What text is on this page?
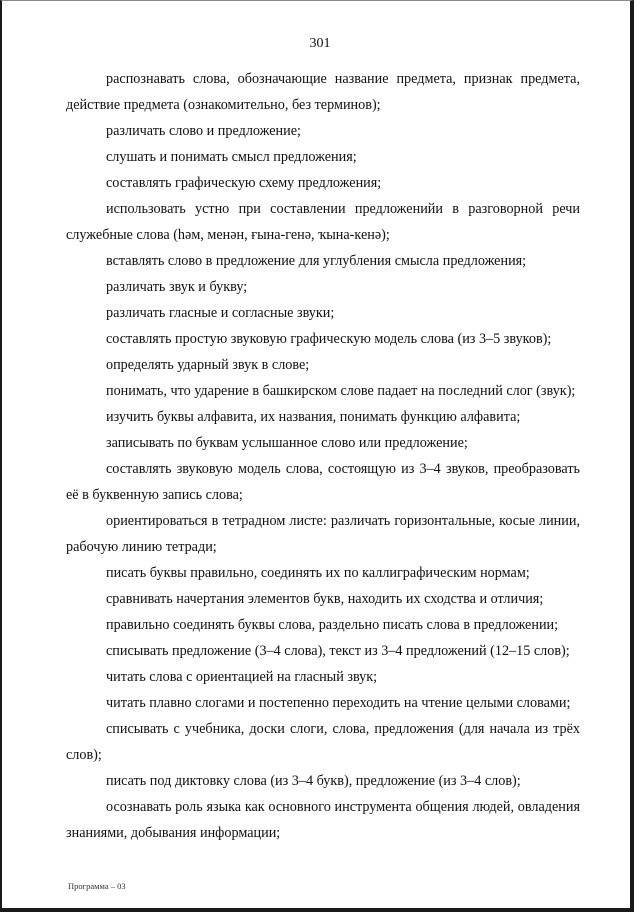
301

распознавать слова, обозначающие название предмета, признак предмета, действие предмета (ознакомительно, без терминов);

различать слово и предложение;

слушать и понимать смысл предложения;

составлять графическую схему предложения;

использовать устно при составлении предложенийи в разговорной речи служебные слова (һәм, менән, ғына-генә, ҡына-кенә);

вставлять слово в предложение для углубления смысла предложения;

различать звук и букву;

различать гласные и согласные звуки;

составлять простую звуковую графическую модель слова (из 3–5 звуков);

определять ударный звук в слове;

понимать, что ударение в башкирском слове падает на последний слог (звук);

изучить буквы алфавита, их названия, понимать функцию алфавита;

записывать по буквам услышанное слово или предложение;

составлять звуковую модель слова, состоящую из 3–4 звуков, преобразовать её в буквенную запись слова;

ориентироваться в тетрадном листе: различать горизонтальные, косые линии, рабочую линию тетради;

писать буквы правильно, соединять их по каллиграфическим нормам;

сравнивать начертания элементов букв, находить их сходства и отличия;

правильно соединять буквы слова, раздельно писать слова в предложении;

списывать предложение (3–4 слова), текст из 3–4 предложений (12–15 слов);

читать слова с ориентацией на гласный звук;

читать плавно слогами и постепенно переходить на чтение целыми словами;

списывать с учебника, доски слоги, слова, предложения (для начала из трёх слов);

писать под диктовку слова (из 3–4 букв), предложение (из 3–4 слов);

осознавать роль языка как основного инструмента общения людей, овладения знаниями, добывания информации;

Программа – 03
